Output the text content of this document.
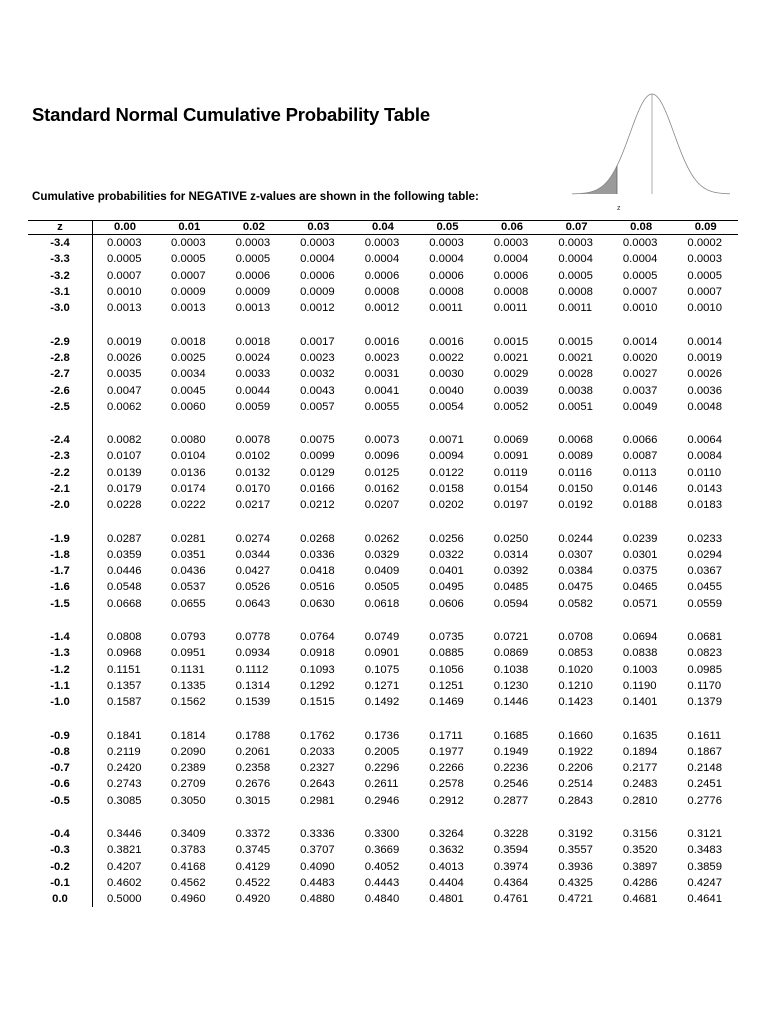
Standard Normal Cumulative Probability Table
z
Cumulative probabilities for NEGATIVE z-values are shown in the following table:
z	0.00	0.01	0.02	0.03	0.04	0.05	0.06	0.07	0.08	0.09
-3.4	0.0003	0.0003	0.0003	0.0003	0.0003	0.0003	0.0003	0.0003	0.0003	0.0002
-3.3	0.0005	0.0005	0.0005	0.0004	0.0004	0.0004	0.0004	0.0004	0.0004	0.0003
-3.2	0.0007	0.0007	0.0006	0.0006	0.0006	0.0006	0.0006	0.0005	0.0005	0.0005
-3.1	0.0010	0.0009	0.0009	0.0009	0.0008	0.0008	0.0008	0.0008	0.0007	0.0007
-3.0	0.0013	0.0013	0.0013	0.0012	0.0012	0.0011	0.0011	0.0011	0.0010	0.0010

-2.9	0.0019	0.0018	0.0018	0.0017	0.0016	0.0016	0.0015	0.0015	0.0014	0.0014
-2.8	0.0026	0.0025	0.0024	0.0023	0.0023	0.0022	0.0021	0.0021	0.0020	0.0019
-2.7	0.0035	0.0034	0.0033	0.0032	0.0031	0.0030	0.0029	0.0028	0.0027	0.0026
-2.6	0.0047	0.0045	0.0044	0.0043	0.0041	0.0040	0.0039	0.0038	0.0037	0.0036
-2.5	0.0062	0.0060	0.0059	0.0057	0.0055	0.0054	0.0052	0.0051	0.0049	0.0048

-2.4	0.0082	0.0080	0.0078	0.0075	0.0073	0.0071	0.0069	0.0068	0.0066	0.0064
-2.3	0.0107	0.0104	0.0102	0.0099	0.0096	0.0094	0.0091	0.0089	0.0087	0.0084
-2.2	0.0139	0.0136	0.0132	0.0129	0.0125	0.0122	0.0119	0.0116	0.0113	0.0110
-2.1	0.0179	0.0174	0.0170	0.0166	0.0162	0.0158	0.0154	0.0150	0.0146	0.0143
-2.0	0.0228	0.0222	0.0217	0.0212	0.0207	0.0202	0.0197	0.0192	0.0188	0.0183

-1.9	0.0287	0.0281	0.0274	0.0268	0.0262	0.0256	0.0250	0.0244	0.0239	0.0233
-1.8	0.0359	0.0351	0.0344	0.0336	0.0329	0.0322	0.0314	0.0307	0.0301	0.0294
-1.7	0.0446	0.0436	0.0427	0.0418	0.0409	0.0401	0.0392	0.0384	0.0375	0.0367
-1.6	0.0548	0.0537	0.0526	0.0516	0.0505	0.0495	0.0485	0.0475	0.0465	0.0455
-1.5	0.0668	0.0655	0.0643	0.0630	0.0618	0.0606	0.0594	0.0582	0.0571	0.0559

-1.4	0.0808	0.0793	0.0778	0.0764	0.0749	0.0735	0.0721	0.0708	0.0694	0.0681
-1.3	0.0968	0.0951	0.0934	0.0918	0.0901	0.0885	0.0869	0.0853	0.0838	0.0823
-1.2	0.1151	0.1131	0.1112	0.1093	0.1075	0.1056	0.1038	0.1020	0.1003	0.0985
-1.1	0.1357	0.1335	0.1314	0.1292	0.1271	0.1251	0.1230	0.1210	0.1190	0.1170
-1.0	0.1587	0.1562	0.1539	0.1515	0.1492	0.1469	0.1446	0.1423	0.1401	0.1379

-0.9	0.1841	0.1814	0.1788	0.1762	0.1736	0.1711	0.1685	0.1660	0.1635	0.1611
-0.8	0.2119	0.2090	0.2061	0.2033	0.2005	0.1977	0.1949	0.1922	0.1894	0.1867
-0.7	0.2420	0.2389	0.2358	0.2327	0.2296	0.2266	0.2236	0.2206	0.2177	0.2148
-0.6	0.2743	0.2709	0.2676	0.2643	0.2611	0.2578	0.2546	0.2514	0.2483	0.2451
-0.5	0.3085	0.3050	0.3015	0.2981	0.2946	0.2912	0.2877	0.2843	0.2810	0.2776

-0.4	0.3446	0.3409	0.3372	0.3336	0.3300	0.3264	0.3228	0.3192	0.3156	0.3121
-0.3	0.3821	0.3783	0.3745	0.3707	0.3669	0.3632	0.3594	0.3557	0.3520	0.3483
-0.2	0.4207	0.4168	0.4129	0.4090	0.4052	0.4013	0.3974	0.3936	0.3897	0.3859
-0.1	0.4602	0.4562	0.4522	0.4483	0.4443	0.4404	0.4364	0.4325	0.4286	0.4247
0.0	0.5000	0.4960	0.4920	0.4880	0.4840	0.4801	0.4761	0.4721	0.4681	0.4641
